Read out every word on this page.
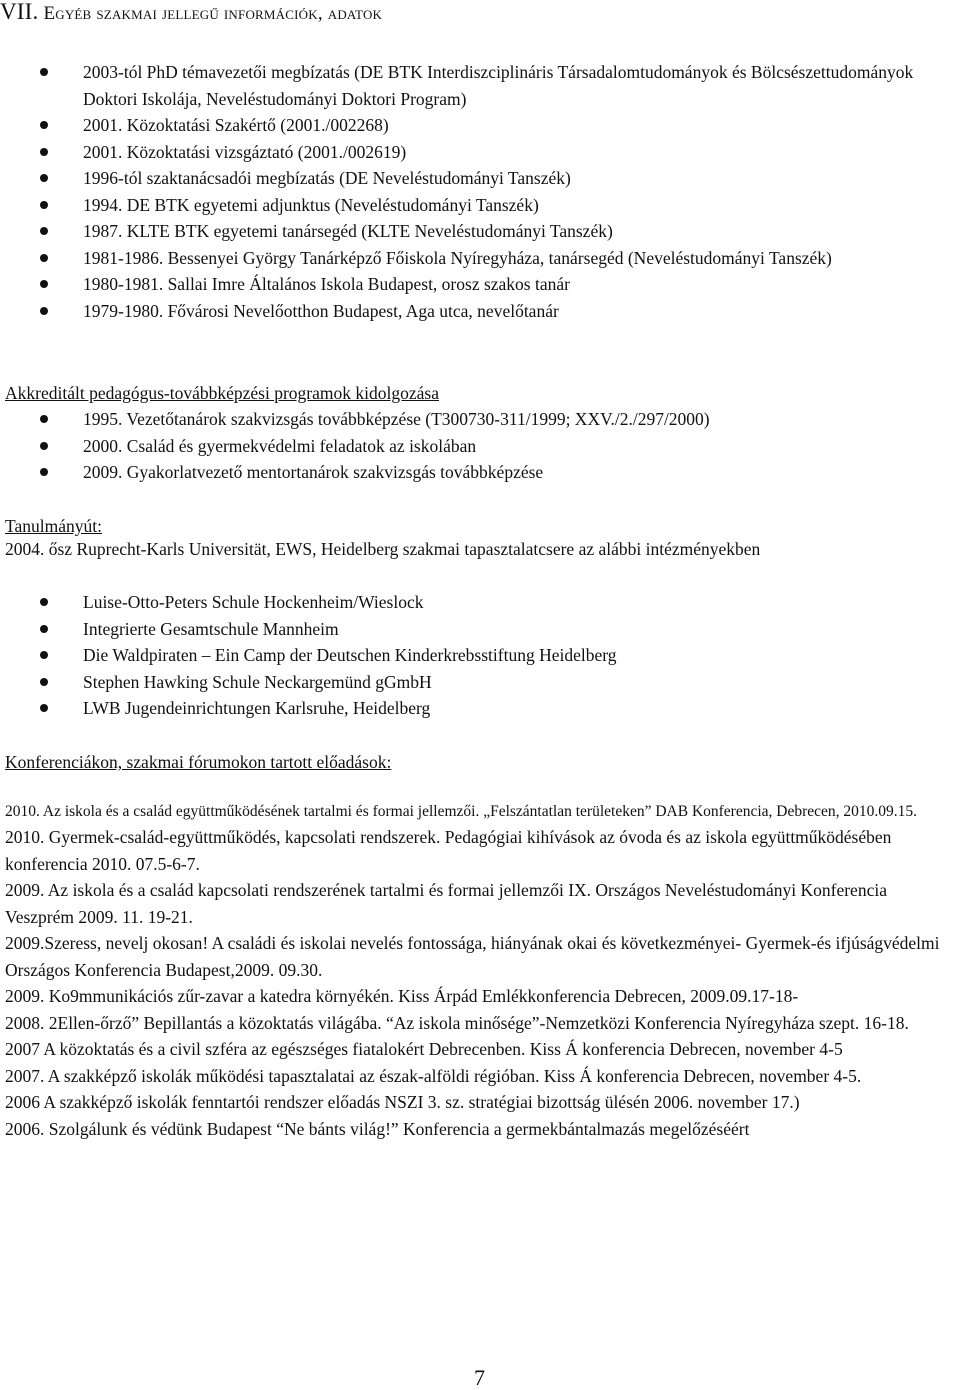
VII. Egyéb szakmai jellegű információk, adatok
2003-tól PhD témavezetői megbízatás (DE BTK Interdiszciplináris Társadalomtudományok és Bölcsészettudományok Doktori Iskolája, Neveléstudományi Doktori Program)
2001. Közoktatási Szakértő (2001./002268)
2001. Közoktatási vizsgáztató (2001./002619)
1996-tól szaktanácsadói megbízatás (DE Neveléstudományi Tanszék)
1994. DE BTK egyetemi adjunktus (Neveléstudományi Tanszék)
1987. KLTE BTK egyetemi tanársegéd (KLTE Neveléstudományi Tanszék)
1981-1986. Bessenyei György Tanárképző Főiskola Nyíregyháza, tanársegéd (Neveléstudományi Tanszék)
1980-1981. Sallai Imre Általános Iskola Budapest, orosz szakos tanár
1979-1980. Fővárosi Nevelőotthon Budapest, Aga utca, nevelőtanár
Akkreditált pedagógus-továbbképzési programok kidolgozása
1995. Vezetőtanárok szakvizsgás továbbképzése (T300730-311/1999; XXV./2./297/2000)
2000. Család és gyermekvédelmi feladatok az iskolában
2009. Gyakorlatvezető mentortanárok szakvizsgás továbbképzése
Tanulmányút:
2004. ősz Ruprecht-Karls Universität, EWS, Heidelberg szakmai tapasztalatcsere az alábbi intézményekben
Luise-Otto-Peters Schule Hockenheim/Wieslock
Integrierte Gesamtschule Mannheim
Die Waldpiraten – Ein Camp der Deutschen Kinderkrebsstiftung Heidelberg
Stephen Hawking Schule Neckargemünd gGmbH
LWB Jugendeinrichtungen Karlsruhe, Heidelberg
Konferenciákon, szakmai fórumokon tartott előadások:

2010. Az iskola és a család együttműködésének tartalmi és formai jellemzői. „Felszántatlan területeken” DAB Konferencia, Debrecen, 2010.09.15.

2010. Gyermek-család-együttműködés, kapcsolati rendszerek. Pedagógiai kihívások az óvoda és az iskola együttműködésében konferencia 2010. 07.5-6-7.

2009. Az iskola és a család kapcsolati rendszerének tartalmi és formai jellemzői IX. Országos Neveléstudományi Konferencia Veszprém 2009. 11. 19-21.

2009.Szeress, nevelj okosan! A családi és iskolai nevelés fontossága, hiányának okai és következményei- Gyermek-és ifjúságvédelmi Országos Konferencia Budapest,2009. 09.30.

2009. Ko9mmunikációs zűr-zavar a katedra környékén. Kiss Árpád Emlékkonferencia Debrecen, 2009.09.17-18-

2008. 2Ellen-őrző” Bepillantás a közoktatás világába. “Az iskola minősége”-Nemzetközi Konferencia Nyíregyháza szept. 16-18.

2007 A közoktatás és a civil szféra az egészséges fiatalokért Debrecenben. Kiss Á konferencia Debrecen, november 4-5

2007. A szakképző iskolák működési tapasztalatai az észak-alföldi régióban. Kiss Á konferencia Debrecen, november 4-5.

2006 A szakképző iskolák fenntartói rendszer előadás NSZI 3. sz. stratégiai bizottság ülésén 2006. november 17.)

2006. Szolgálunk és védünk Budapest “Ne bánts világ!” Konferencia a germekbántalmazás megelőzéséért

7
